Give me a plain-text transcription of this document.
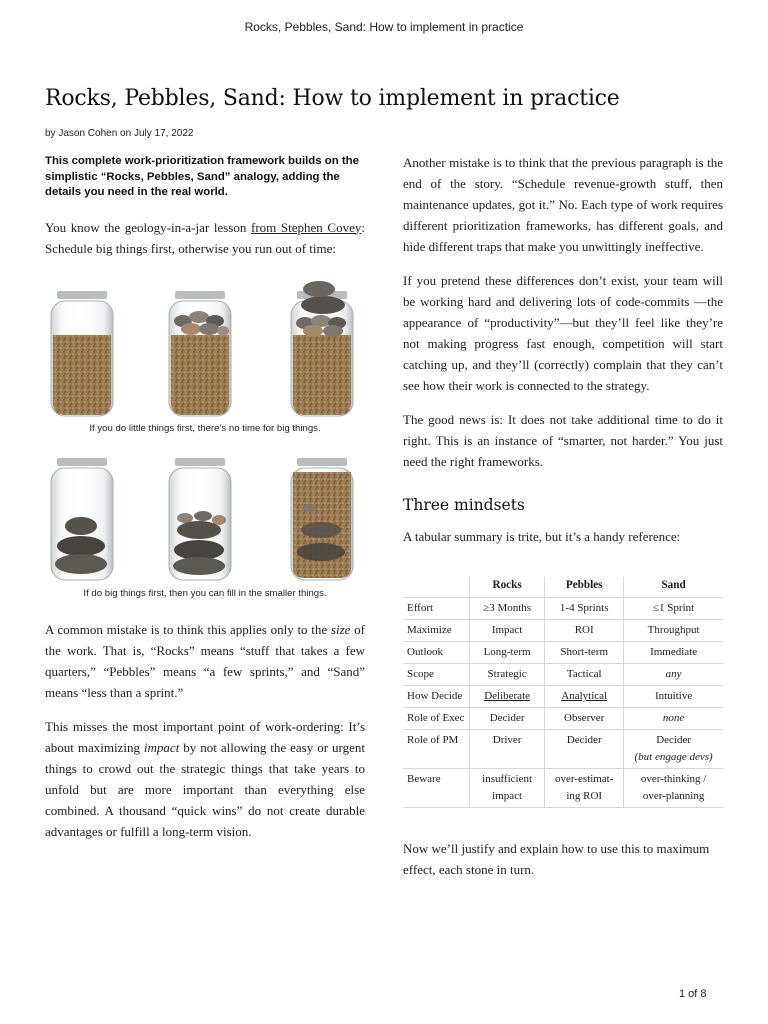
Rocks, Pebbles, Sand: How to implement in practice
Rocks, Pebbles, Sand: How to implement in practice
by Jason Cohen on July 17, 2022
This complete work-prioritization framework builds on the simplistic “Rocks, Pebbles, Sand” analogy, adding the details you need in the real world.

You know the geology-in-a-jar lesson from Stephen Covey: Schedule big things first, otherwise you run out of time:

If you do little things first, there’s no time for big things.

If do big things first, then you can fill in the smaller things.

A common mistake is to think this applies only to the size of the work. That is, “Rocks” means “stuff that takes a few quarters,” “Pebbles” means “a few sprints,” and “Sand” means “less than a sprint.”

This misses the most important point of work-ordering: It’s about maximizing impact by not allowing the easy or urgent things to crowd out the strategic things that take years to unfold but are more important than everything else combined. A thousand “quick wins” do not create durable advantages or fulfill a long-term vision.

Another mistake is to think that the previous paragraph is the end of the story. “Schedule revenue-growth stuff, then maintenance updates, got it.” No. Each type of work requires different prioritization frameworks, has different goals, and hide different traps that make you unwittingly ineffective.

If you pretend these differences don’t exist, your team will be working hard and delivering lots of code-commits —the appearance of “productivity”—but they’ll feel like they’re not making progress fast enough, competition will start catching up, and they’ll (correctly) complain that they can’t see how their work is connected to the strategy.

The good news is: It does not take additional time to do it right. This is an instance of “smarter, not harder.” You just need the right frameworks.

Three mindsets

A tabular summary is trite, but it’s a handy reference:

	Rocks	Pebbles	Sand
Effort	≥3 Months	1-4 Sprints	≤1 Sprint
Maximize	Impact	ROI	Throughput
Outlook	Long-term	Short-term	Immediate
Scope	Strategic	Tactical	any
How Decide	Deliberate	Analytical	Intuitive
Role of Exec	Decider	Observer	none
Role of PM	Driver	Decider	Decider
(but engage devs)
Beware	insufficient impact	over-estimat-ing ROI	over-thinking / over-planning

Now we’ll justify and explain how to use this to maximum effect, each stone in turn.

1 of 8
